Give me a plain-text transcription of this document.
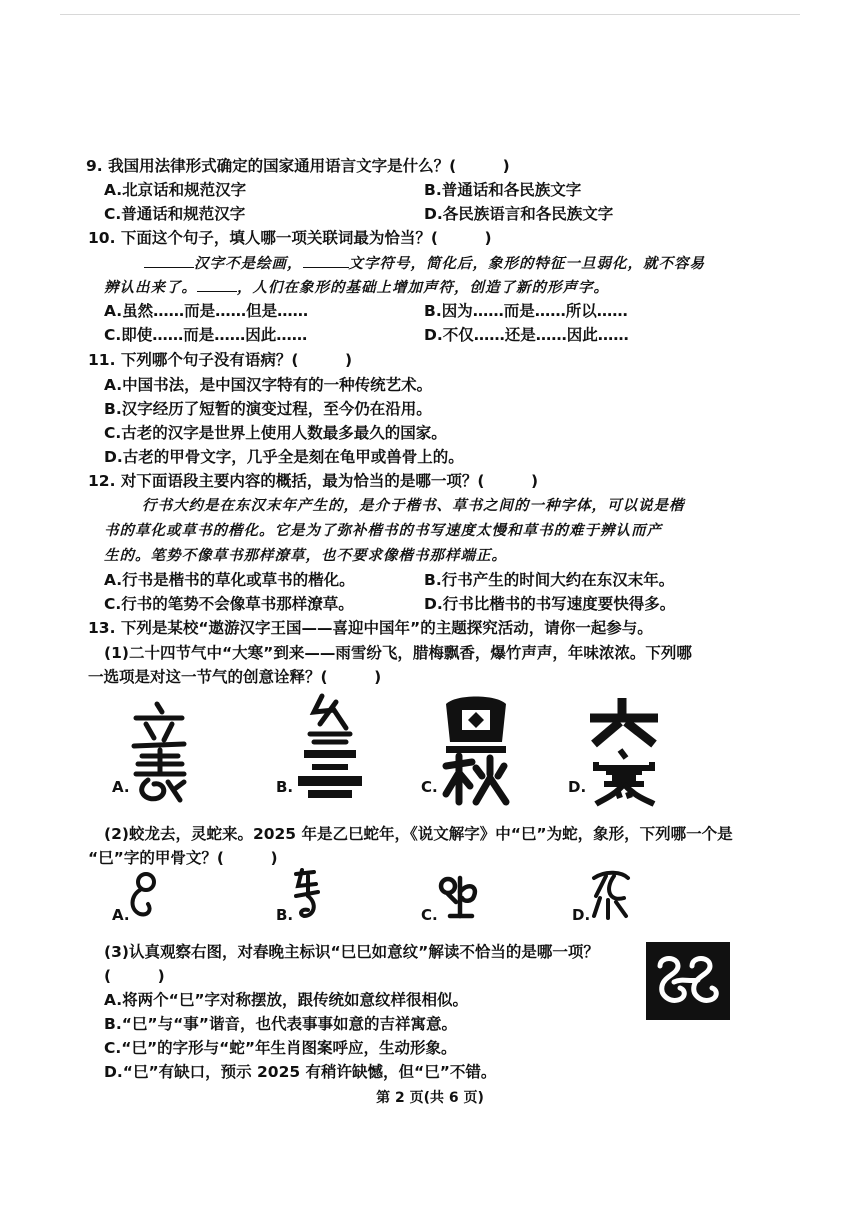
9. 我国用法律形式确定的国家通用语言文字是什么？(　　　)
A.北京话和规范汉字	B.普通话和各民族文字
C.普通话和规范汉字	D.各民族语言和各民族文字
10. 下面这个句子，填人哪一项关联词最为恰当？(　　　)
汉字不是绘画，	文字符号，简化后，象形的特征一旦弱化，就不容易
辨认出来了。	，人们在象形的基础上增加声符，创造了新的形声字。
A.虽然……而是……但是……	B.因为……而是……所以……
C.即使……而是……因此……	D.不仅……还是……因此……
11. 下列哪个句子没有语病？(　　　)
A.中国书法，是中国汉字特有的一种传统艺术。
B.汉字经历了短暂的演变过程，至今仍在沿用。
C.古老的汉字是世界上使用人数最多最久的国家。
D.古老的甲骨文字，几乎全是刻在龟甲或兽骨上的。
12. 对下面语段主要内容的概括，最为恰当的是哪一项？(　　　)
行书大约是在东汉末年产生的，是介于楷书、草书之间的一种字体，可以说是楷
书的草化或草书的楷化。它是为了弥补楷书的书写速度太慢和草书的难于辨认而产
生的。笔势不像草书那样潦草，也不要求像楷书那样端正。
A.行书是楷书的草化或草书的楷化。	B.行书产生的时间大约在东汉末年。
C.行书的笔势不会像草书那样潦草。	D.行书比楷书的书写速度要快得多。
13. 下列是某校“遨游汉字王国——喜迎中国年”的主题探究活动，请你一起参与。
(1)二十四节气中“大寒”到来——雨雪纷飞，腊梅飘香，爆竹声声，年味浓浓。下列哪
一选项是对这一节气的创意诠释？(　　　)
A.	B.	C.	D.
(2)蛟龙去，灵蛇来。2025 年是乙巳蛇年，《说文解字》中“巳”为蛇，象形，下列哪一个是
“巳”字的甲骨文？(　　　)
A.	B.	C.	D.
(3)认真观察右图，对春晚主标识“巳巳如意纹”解读不恰当的是哪一项？
(　　　)
A.将两个“巳”字对称摆放，跟传统如意纹样很相似。
B.“巳”与“事”谐音，也代表事事如意的吉祥寓意。
C.“巳”的字形与“蛇”年生肖图案呼应，生动形象。
D.“巳”有缺口，预示 2025 有稍许缺憾，但“巳”不错。
第 2 页(共 6 页)
